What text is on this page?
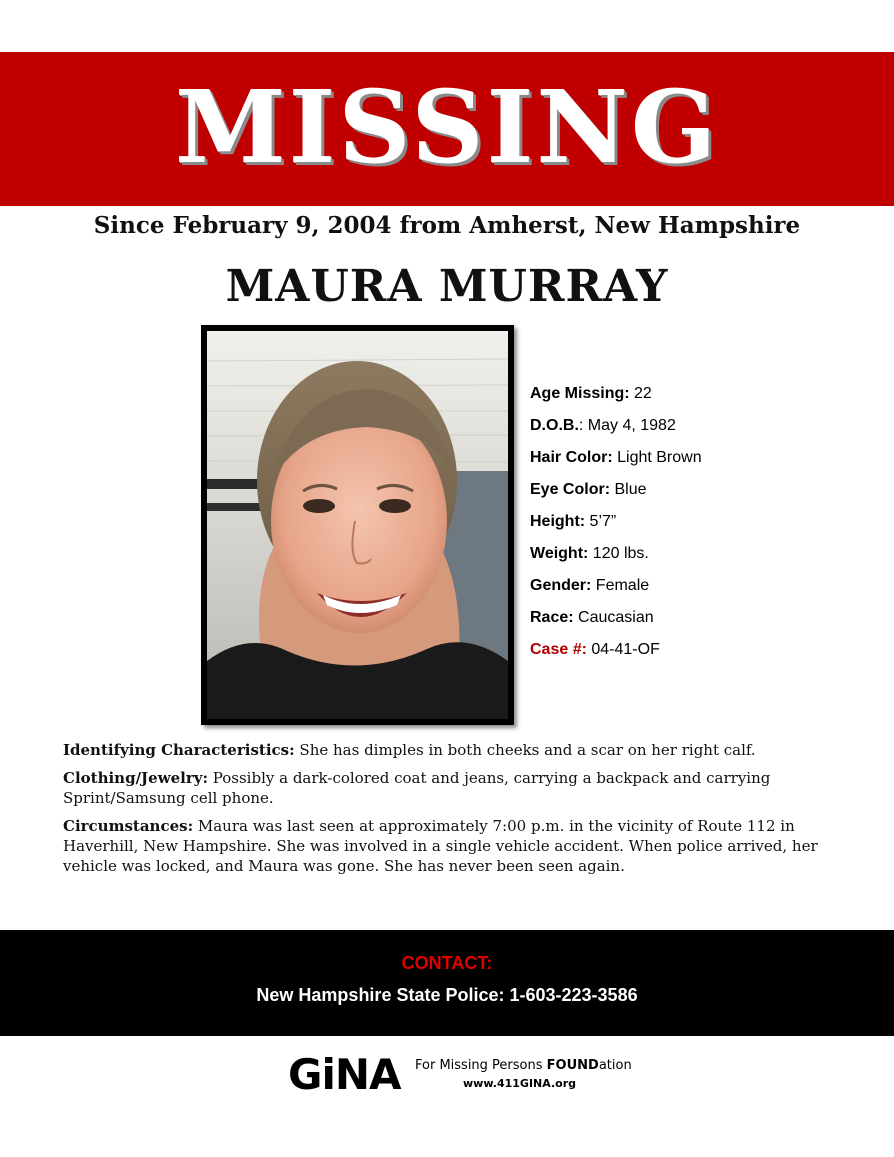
MISSING
Since February 9, 2004 from Amherst, New Hampshire
MAURA MURRAY
Age Missing: 22
D.O.B.: May 4, 1982
Hair Color: Light Brown
Eye Color: Blue
Height: 5’7”
Weight: 120 lbs.
Gender: Female
Race: Caucasian
Case #: 04-41-OF

Identifying Characteristics: She has dimples in both cheeks and a scar on her right calf.

Clothing/Jewelry: Possibly a dark-colored coat and jeans, carrying a backpack and carrying Sprint/Samsung cell phone.

Circumstances: Maura was last seen at approximately 7:00 p.m. in the vicinity of Route 112 in Haverhill, New Hampshire. She was involved in a single vehicle accident. When police arrived, her vehicle was locked, and Maura was gone. She has never been seen again.

CONTACT:
New Hampshire State Police: 1-603-223-3586
GiNA For Missing Persons FOUNDation
www.411GINA.org
